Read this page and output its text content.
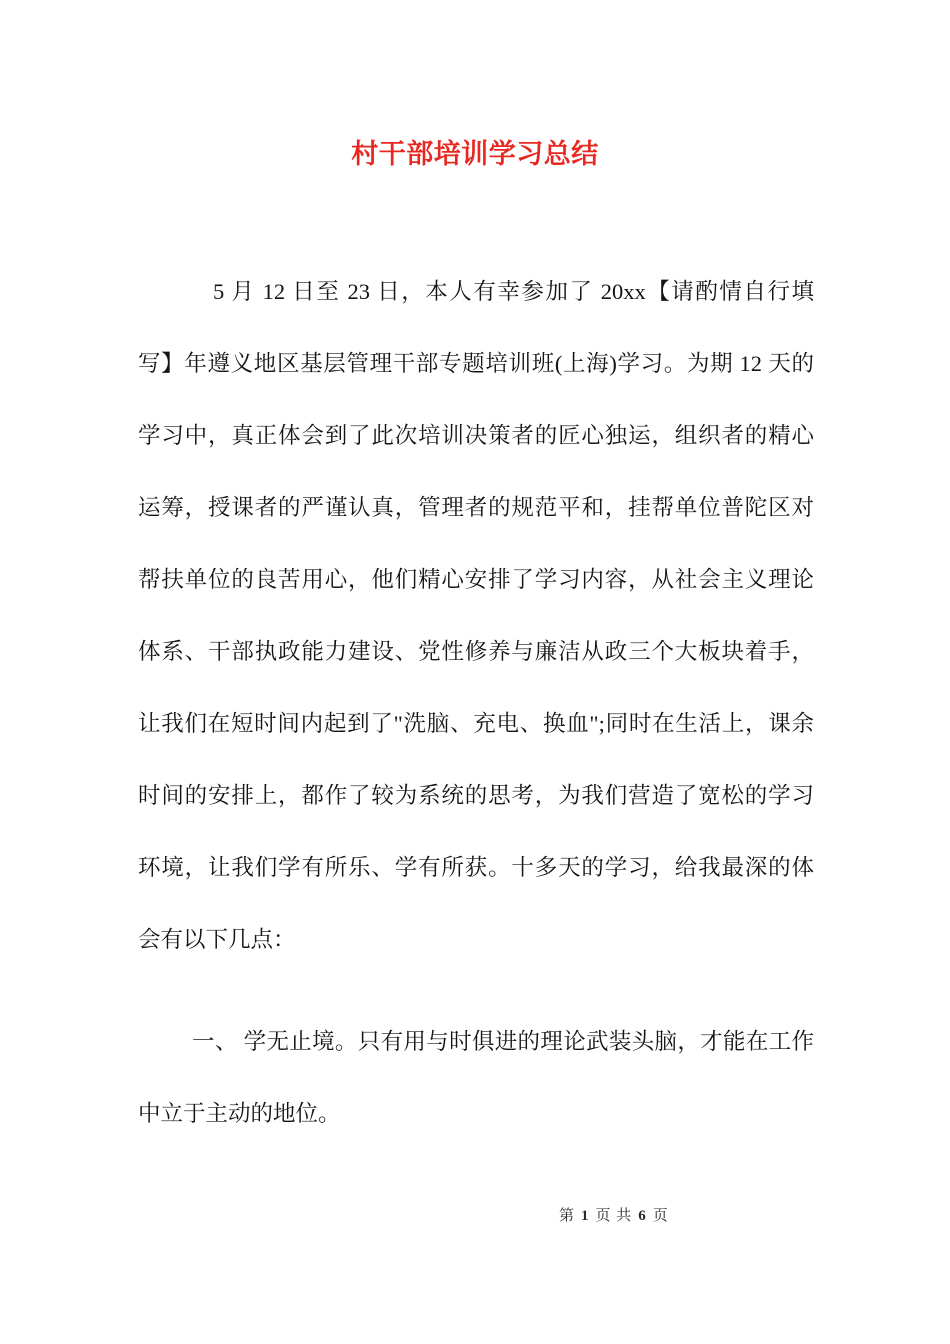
村干部培训学习总结
5 月 12 日至 23 日，本人有幸参加了 20xx【请酌情自行填
写】年遵义地区基层管理干部专题培训班(上海)学习。为期 12 天的
学习中，真正体会到了此次培训决策者的匠心独运，组织者的精心
运筹，授课者的严谨认真，管理者的规范平和，挂帮单位普陀区对
帮扶单位的良苦用心，他们精心安排了学习内容，从社会主义理论
体系、干部执政能力建设、党性修养与廉洁从政三个大板块着手，
让我们在短时间内起到了"洗脑、充电、换血";同时在生活上，课余
时间的安排上，都作了较为系统的思考，为我们营造了宽松的学习
环境，让我们学有所乐、学有所获。十多天的学习，给我最深的体
会有以下几点：
一、 学无止境。只有用与时俱进的理论武装头脑，才能在工作
中立于主动的地位。
第 1 页 共 6 页
